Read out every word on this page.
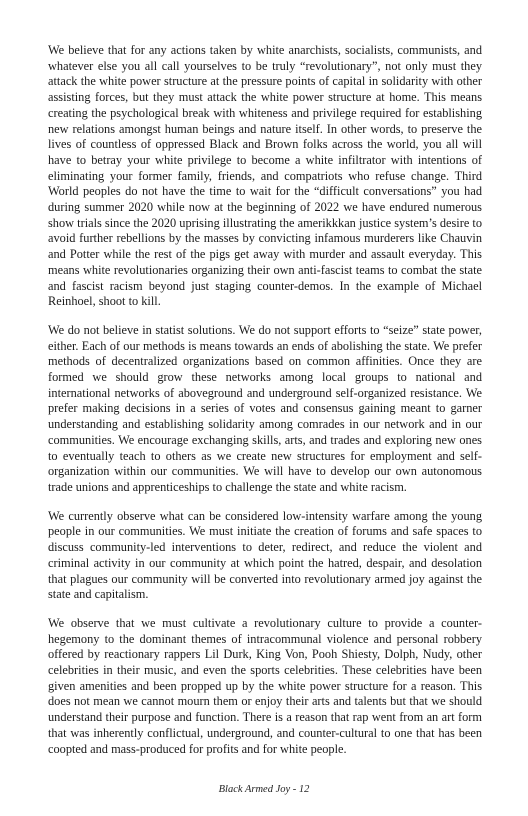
We believe that for any actions taken by white anarchists, socialists, communists, and whatever else you all call yourselves to be truly “revolutionary”, not only must they attack the white power structure at the pressure points of capital in solidarity with other assisting forces, but they must attack the white power structure at home. This means creating the psychological break with whiteness and privilege required for establishing new relations amongst human beings and nature itself. In other words, to preserve the lives of countless of oppressed Black and Brown folks across the world, you all will have to betray your white privilege to become a white infiltrator with intentions of eliminating your former family, friends, and compatriots who refuse change. Third World peoples do not have the time to wait for the “difficult conversations” you had during summer 2020 while now at the beginning of 2022 we have endured numerous show trials since the 2020 uprising illustrating the amerikkkan justice system’s desire to avoid further rebellions by the masses by convicting infamous murderers like Chauvin and Potter while the rest of the pigs get away with murder and assault everyday. This means white revolutionaries organizing their own anti-fascist teams to combat the state and fascist racism beyond just staging counter-demos. In the example of Michael Reinhoel, shoot to kill.

We do not believe in statist solutions. We do not support efforts to “seize” state power, either. Each of our methods is means towards an ends of abolishing the state. We prefer methods of decentralized organizations based on common affinities. Once they are formed we should grow these networks among local groups to national and international networks of aboveground and underground self-organized resistance. We prefer making decisions in a series of votes and consensus gaining meant to garner understanding and establishing solidarity among comrades in our network and in our communities. We encourage exchanging skills, arts, and trades and exploring new ones to eventually teach to others as we create new structures for employment and self-organization within our communities. We will have to develop our own autonomous trade unions and apprenticeships to challenge the state and white racism.

We currently observe what can be considered low-intensity warfare among the young people in our communities. We must initiate the creation of forums and safe spaces to discuss community-led interventions to deter, redirect, and reduce the violent and criminal activity in our community at which point the hatred, despair, and desolation that plagues our community will be converted into revolutionary armed joy against the state and capitalism.

We observe that we must cultivate a revolutionary culture to provide a counter-hegemony to the dominant themes of intracommunal violence and personal robbery offered by reactionary rappers Lil Durk, King Von, Pooh Shiesty, Dolph, Nudy, other celebrities in their music, and even the sports celebrities. These celebrities have been given amenities and been propped up by the white power structure for a reason. This does not mean we cannot mourn them or enjoy their arts and talents but that we should understand their purpose and function. There is a reason that rap went from an art form that was inherently conflictual, underground, and counter-cultural to one that has been coopted and mass-produced for profits and for white people.

Black Armed Joy - 12
